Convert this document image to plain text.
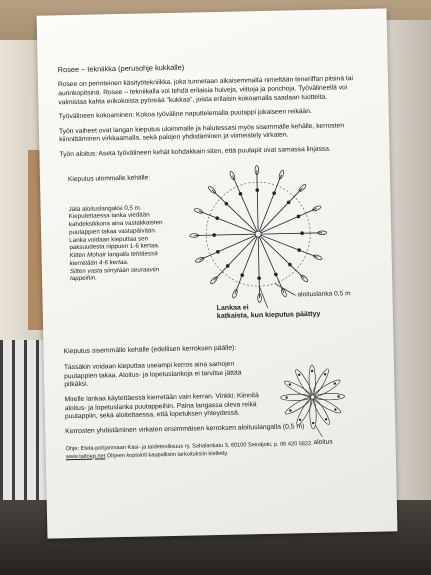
Rosee – tekniikka (perusohje kukkalle)
Rosee on perinteinen käsityötekniikka, joka tunnetaan aikaisemmalta nimeltään teneriffan pitsinä tai aurinkopitsinä. Rosee – tekniikalla voi tehdä erilaisia huiveja, viittoja ja ponchoja. Työvälineellä voi valmistaa kahta erikokoista pyöreää "kukkaa", joista erilaisin kokoamalla saadaan tuotteita.
Työvälineen kokoaminen: Kokoa työväline naputtelemalla puutappi jokaiseen reikään.
Työn vaiheet ovat langan kieputus uloimmalle ja halutessasi myös sisemmälle kehälle, kerrosten kiinnittäminen virkkaamalla, sekä palojen yhdistäminen ja viimeistely virkaten.
Työn aloitus: Aseta työvälineen kehät kohdakkain siten, että puutapit ovat samassa linjassa.
Kieputus ulommalle kehälle:
Jätä aloituslangaksi 0,5 m.
Kieputettaessa lanka viedään kahdeksikkona aina vastakkaisten puutappien takaa vastapäivään.
Lanka voidaan kieputtaa sen paksuudesta riippuen 1-6 kertaa.
Kitten Mohair langalla tehtäessä kierretään 4-6 kertaa.
Sitten vasta siirrytään seuraaviin tappeihin.
aloituslanka 0,5 m
Lankaa ei
katkaista, kun kieputus päättyy
Kieputus sisemmälle kehälle (edellisen kerroksen päälle):
Tässäkin voidaan kieputtaa useampi kerros aina samojen puutappien takaa. Aloitus- ja lopetuslankoja ei tarvitse jättää pitkäksi.
Mirelle lankaa käytettäessä kierretään vain kerran. Vinkki: Kiinnitä aloitus- ja lopetuslanka puutappeihin. Paina langassa oleva reikä puutappiin, sekä aloitettaessa, että lopetuksen yhteydessä.
aloitus
Kerrosten yhdistäminen virkaten ensimmäisen kerroksen aloituslangalla (0,5 m)
Ohje: Etelä-pohjanmaan Käsi- ja taideteollisuus ry, Sahalankatu 3, 60100 Seinäjoki, p. 06 420 5822.
www.taitoep.net Ohjeen kopiointi kaupallisiin tarkoituksiin kielletty.
